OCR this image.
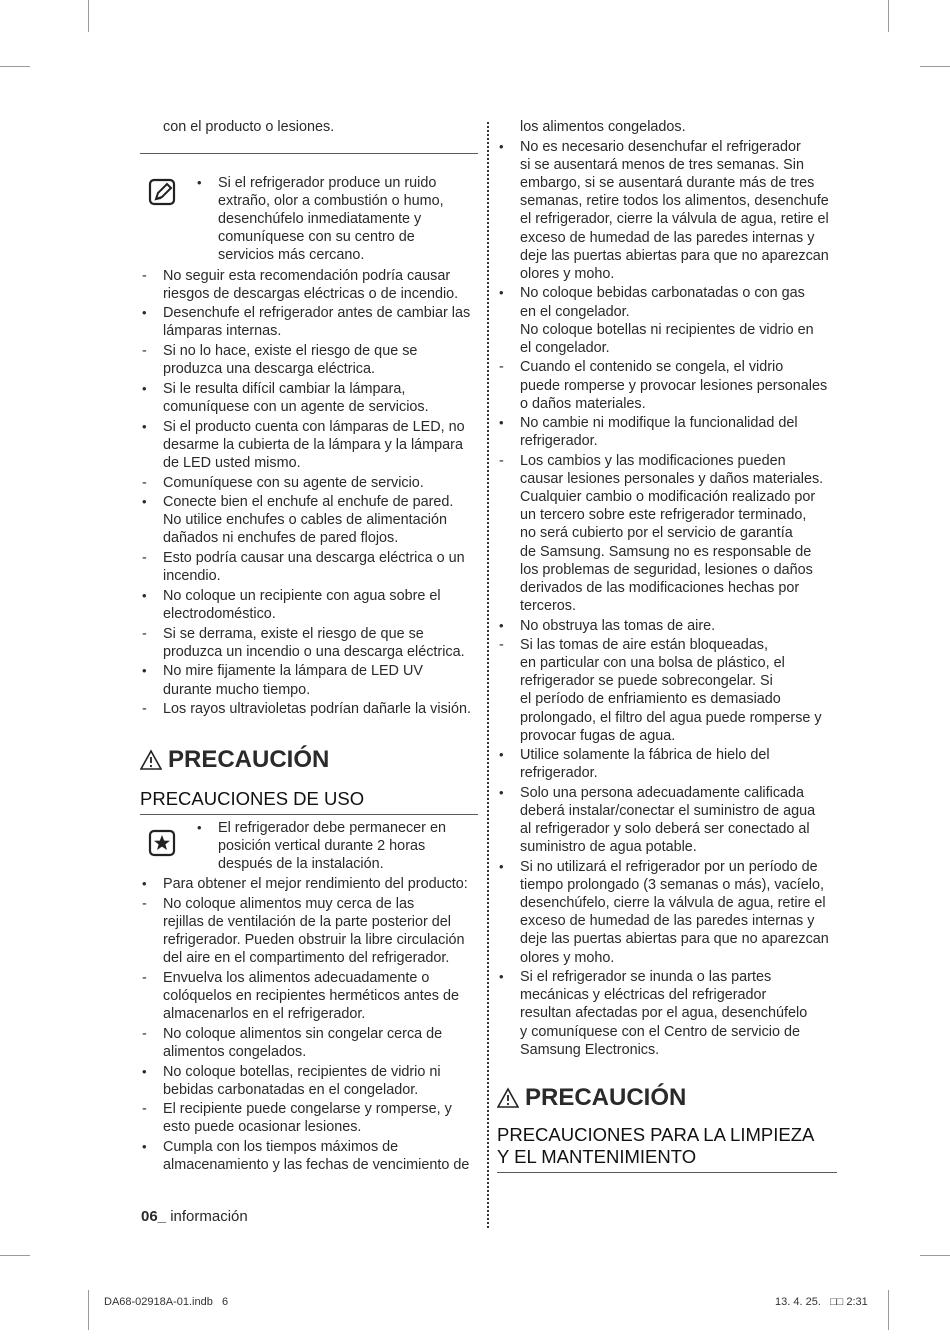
con el producto o lesiones.
• Si el refrigerador produce un ruido
extraño, olor a combustión o humo,
desenchúfelo inmediatamente y
comuníquese con su centro de
servicios más cercano.
-	No seguir esta recomendación podría causar
riesgos de descargas eléctricas o de incendio.
•	Desenchufe el refrigerador antes de cambiar las
lámparas internas.
-	Si no lo hace, existe el riesgo de que se
produzca una descarga eléctrica.
•	Si le resulta difícil cambiar la lámpara,
comuníquese con un agente de servicios.
•	Si el producto cuenta con lámparas de LED, no
desarme la cubierta de la lámpara y la lámpara
de LED usted mismo.
-	Comuníquese con su agente de servicio.
•	Conecte bien el enchufe al enchufe de pared.
No utilice enchufes o cables de alimentación
dañados ni enchufes de pared flojos.
-	Esto podría causar una descarga eléctrica o un
incendio.
•	No coloque un recipiente con agua sobre el
electrodoméstico.
-	Si se derrama, existe el riesgo de que se
produzca un incendio o una descarga eléctrica.
•	No mire fijamente la lámpara de LED UV
durante mucho tiempo.
-	Los rayos ultravioletas podrían dañarle la visión.
PRECAUCIÓN
PRECAUCIONES DE USO
• El refrigerador debe permanecer en
posición vertical durante 2 horas
después de la instalación.
•	Para obtener el mejor rendimiento del producto:
-	No coloque alimentos muy cerca de las
rejillas de ventilación de la parte posterior del
refrigerador. Pueden obstruir la libre circulación
del aire en el compartimento del refrigerador.
-	Envuelva los alimentos adecuadamente o
colóquelos en recipientes herméticos antes de
almacenarlos en el refrigerador.
-	No coloque alimentos sin congelar cerca de
alimentos congelados.
•	No coloque botellas, recipientes de vidrio ni
bebidas carbonatadas en el congelador.
-	El recipiente puede congelarse y romperse, y
esto puede ocasionar lesiones.
•	Cumpla con los tiempos máximos de
almacenamiento y las fechas de vencimiento de
los alimentos congelados.
•	No es necesario desenchufar el refrigerador
si se ausentará menos de tres semanas. Sin
embargo, si se ausentará durante más de tres
semanas, retire todos los alimentos, desenchufe
el refrigerador, cierre la válvula de agua, retire el
exceso de humedad de las paredes internas y
deje las puertas abiertas para que no aparezcan
olores y moho.
•	No coloque bebidas carbonatadas o con gas
en el congelador.
No coloque botellas ni recipientes de vidrio en
el congelador.
-	Cuando el contenido se congela, el vidrio
puede romperse y provocar lesiones personales
o daños materiales.
•	No cambie ni modifique la funcionalidad del
refrigerador.
-	Los cambios y las modificaciones pueden
causar lesiones personales y daños materiales.
Cualquier cambio o modificación realizado por
un tercero sobre este refrigerador terminado,
no será cubierto por el servicio de garantía
de Samsung. Samsung no es responsable de
los problemas de seguridad, lesiones o daños
derivados de las modificaciones hechas por
terceros.
•	No obstruya las tomas de aire.
-	Si las tomas de aire están bloqueadas,
en particular con una bolsa de plástico, el
refrigerador se puede sobrecongelar. Si
el período de enfriamiento es demasiado
prolongado, el filtro del agua puede romperse y
provocar fugas de agua.
•	Utilice solamente la fábrica de hielo del
refrigerador.
•	Solo una persona adecuadamente calificada
deberá instalar/conectar el suministro de agua
al refrigerador y solo deberá ser conectado al
suministro de agua potable.
•	Si no utilizará el refrigerador por un período de
tiempo prolongado (3 semanas o más), vacíelo,
desenchúfelo, cierre la válvula de agua, retire el
exceso de humedad de las paredes internas y
deje las puertas abiertas para que no aparezcan
olores y moho.
•	Si el refrigerador se inunda o las partes
mecánicas y eléctricas del refrigerador
resultan afectadas por el agua, desenchúfelo
y comuníquese con el Centro de servicio de
Samsung Electronics.
PRECAUCIÓN
PRECAUCIONES PARA LA LIMPIEZA
Y EL MANTENIMIENTO
06_ información
DA68-02918A-01.indb   6	13. 4. 25.   □□ 2:31
